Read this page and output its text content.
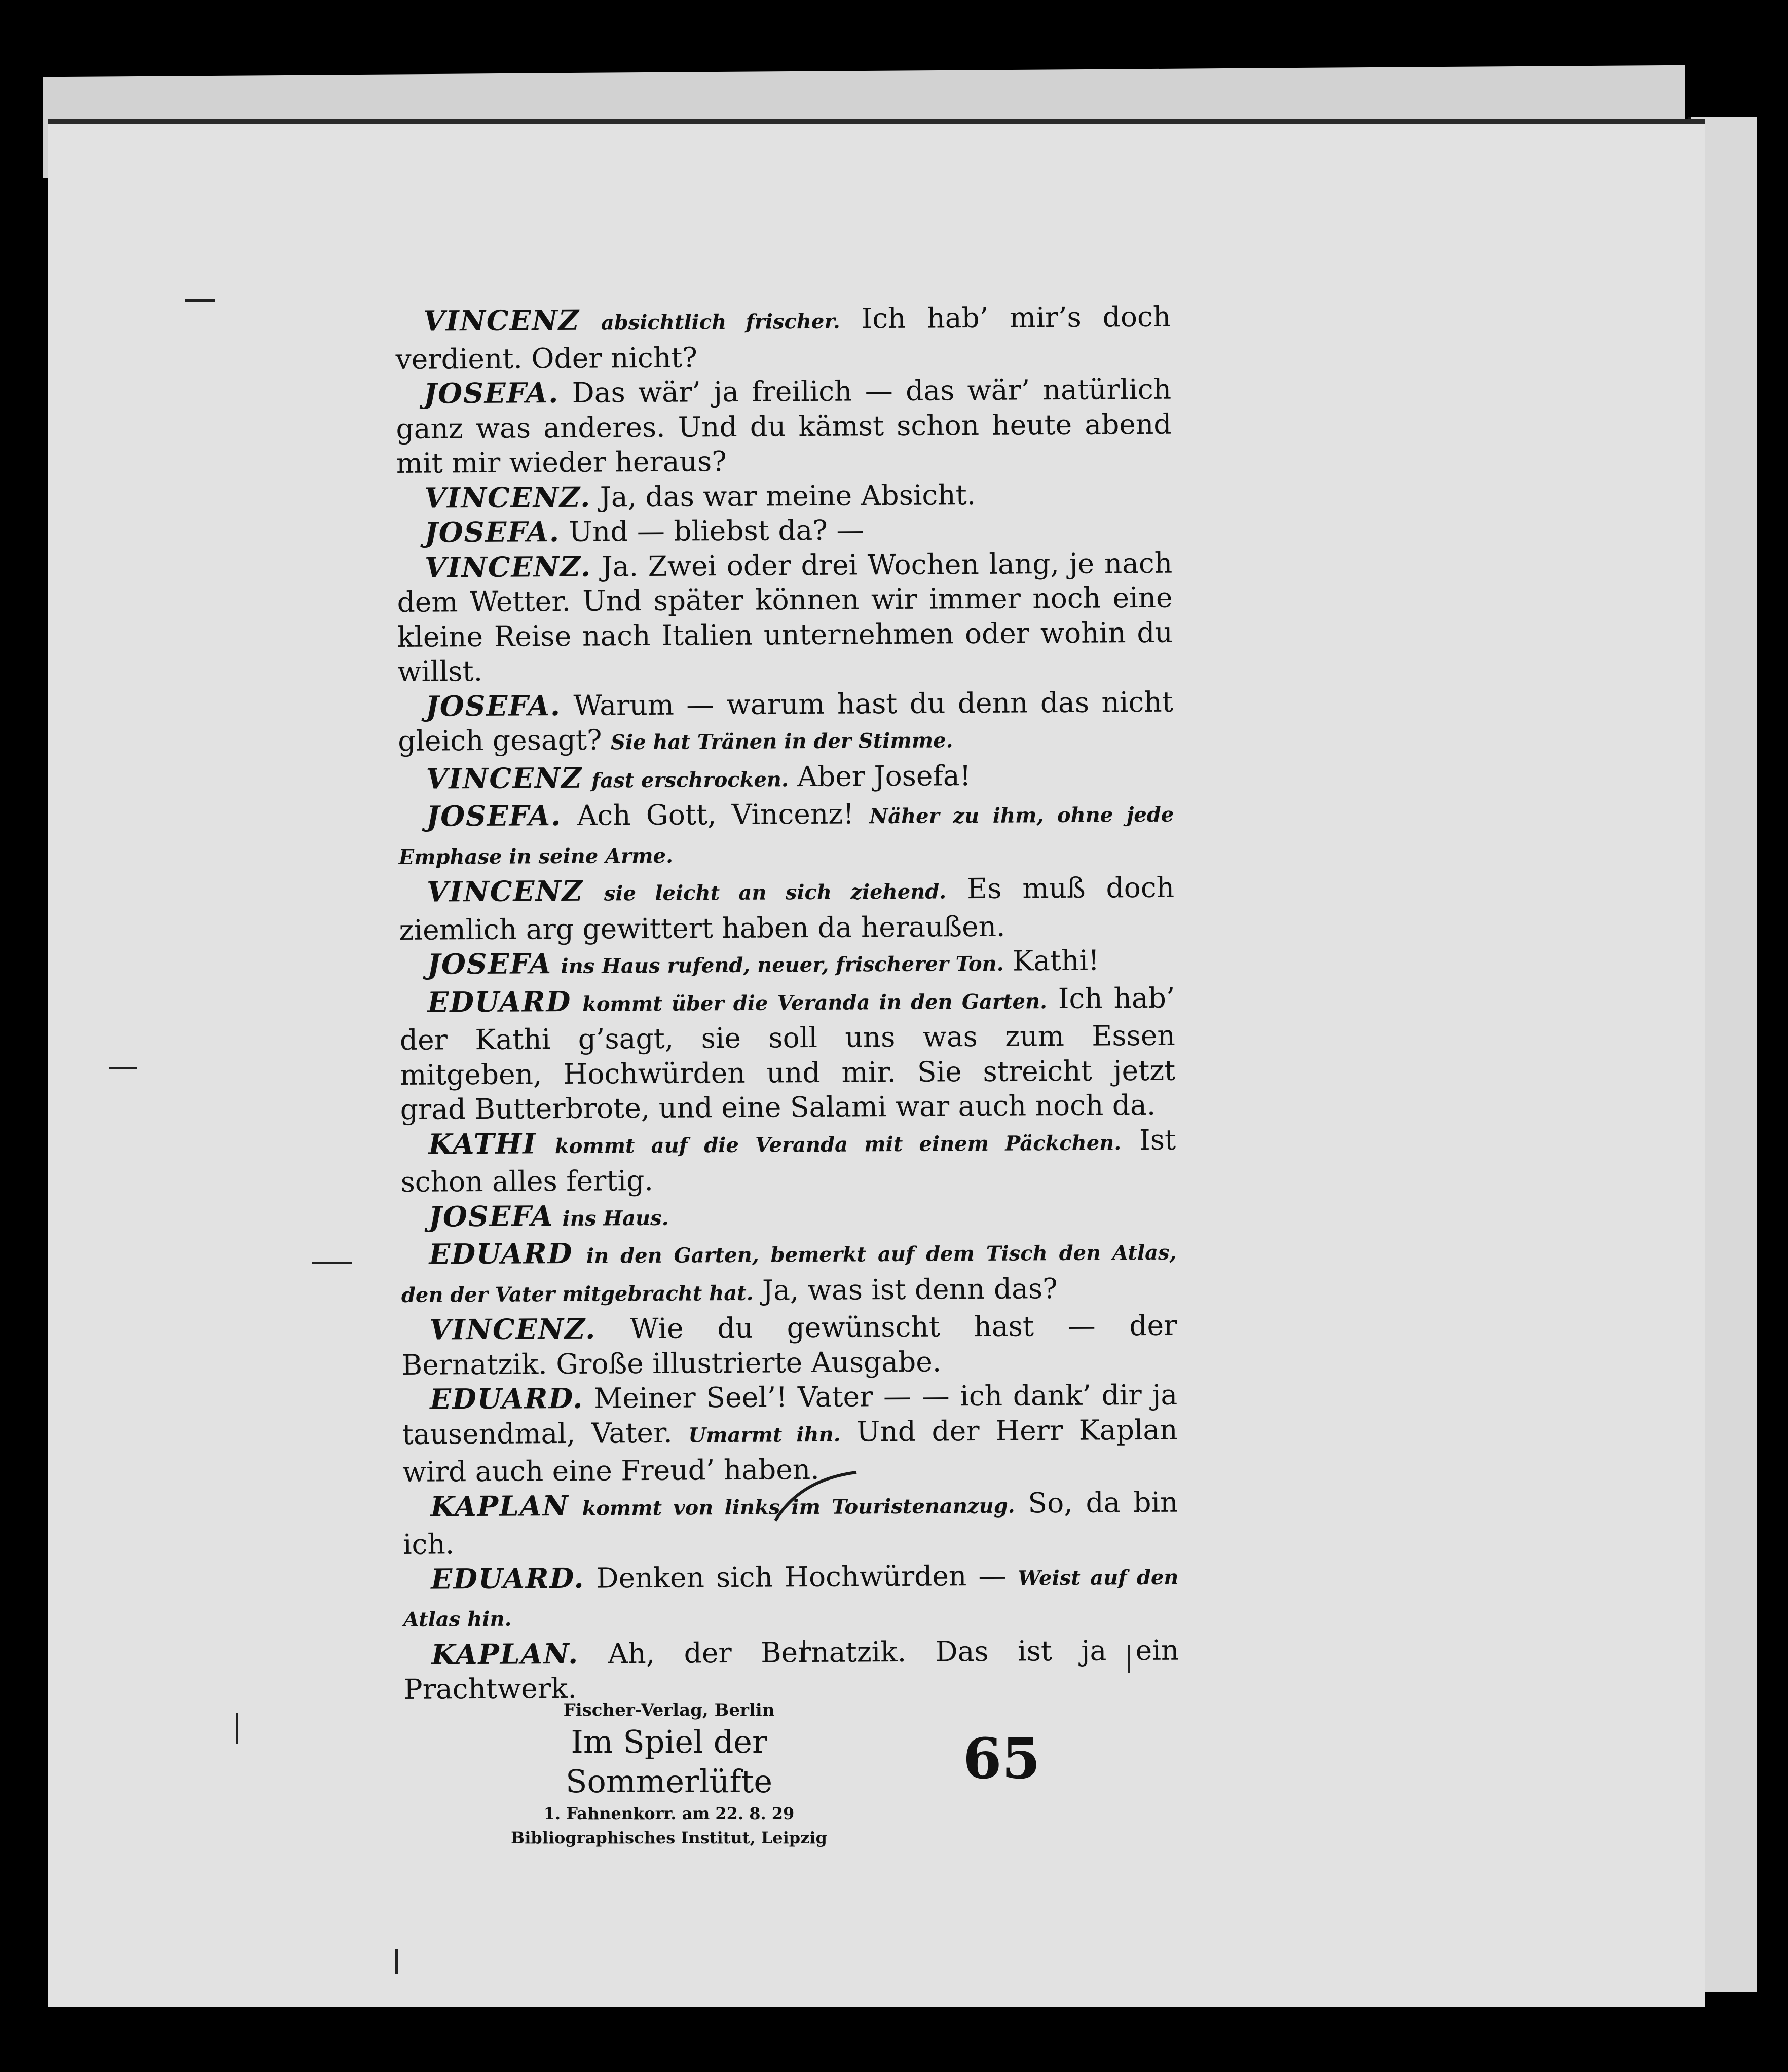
VINCENZ absichtlich frischer. Ich hab’ mir’s doch verdient. Oder nicht?

JOSEFA. Das wär’ ja freilich — das wär’ natürlich ganz was anderes. Und du kämst schon heute abend mit mir wieder heraus?

VINCENZ. Ja, das war meine Absicht.

JOSEFA. Und — bliebst da? —

VINCENZ. Ja. Zwei oder drei Wochen lang, je nach dem Wetter. Und später können wir immer noch eine kleine Reise nach Italien unternehmen oder wohin du willst.

JOSEFA. Warum — warum hast du denn das nicht gleich gesagt? Sie hat Tränen in der Stimme.

VINCENZ fast erschrocken. Aber Josefa!

JOSEFA. Ach Gott, Vincenz! Näher zu ihm, ohne jede Emphase in seine Arme.

VINCENZ sie leicht an sich ziehend. Es muß doch ziemlich arg gewittert haben da heraußen.

JOSEFA ins Haus rufend, neuer, frischerer Ton. Kathi!

EDUARD kommt über die Veranda in den Garten. Ich hab’ der Kathi g’sagt, sie soll uns was zum Essen mitgeben, Hochwürden und mir. Sie streicht jetzt grad Butterbrote, und eine Salami war auch noch da.

KATHI kommt auf die Veranda mit einem Päckchen. Ist schon alles fertig.

JOSEFA ins Haus.

EDUARD in den Garten, bemerkt auf dem Tisch den Atlas, den der Vater mitgebracht hat. Ja, was ist denn das?

VINCENZ. Wie du gewünscht hast — der Bernatzik. Große illustrierte Ausgabe.

EDUARD. Meiner Seel’! Vater — — ich dank’ dir ja tausendmal, Vater. Umarmt ihn. Und der Herr Kaplan wird auch eine Freud’ haben.

KAPLAN kommt von links im Touristenanzug. So, da bin ich.

EDUARD. Denken sich Hochwürden — Weist auf den Atlas hin.

KAPLAN. Ah, der Bernatzik. Das ist ja ein Prachtwerk.

Fischer-Verlag, Berlin
Im Spiel der Sommerlüfte
1. Fahnenkorr. am 22. 8. 29
Bibliographisches Institut, Leipzig
65
